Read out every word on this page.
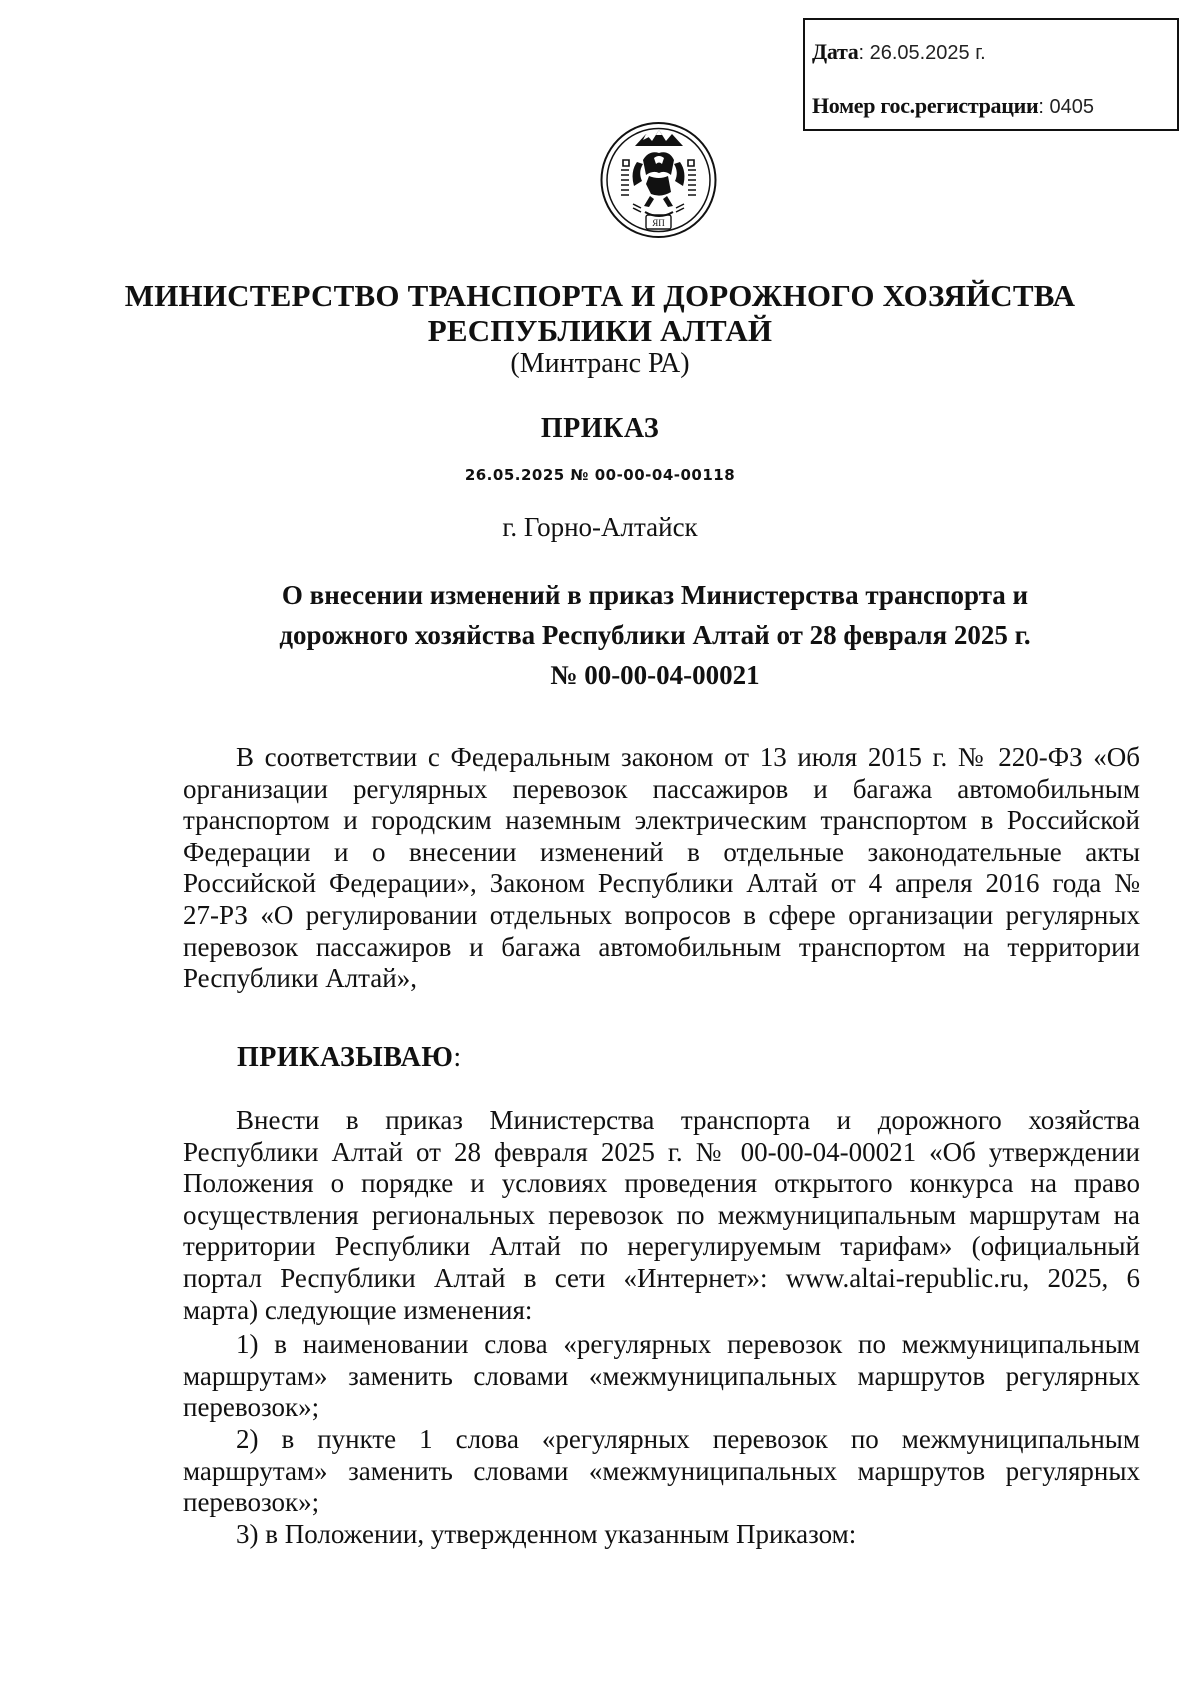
Дата: 26.05.2025 г.
Номер гос.регистрации: 0405
ЯП
МИНИСТЕРСТВО ТРАНСПОРТА И ДОРОЖНОГО ХОЗЯЙСТВА
РЕСПУБЛИКИ АЛТАЙ
(Минтранс РА)
ПРИКАЗ
26.05.2025 № 00-00-04-00118
г. Горно-Алтайск
О внесении изменений в приказ Министерства транспорта и
дорожного хозяйства Республики Алтай от 28 февраля 2025 г.
№ 00-00-04-00021
В соответствии с Федеральным законом от 13 июля 2015 г. № 220-ФЗ «Об
организации регулярных перевозок пассажиров и багажа автомобильным
транспортом и городским наземным электрическим транспортом в Российской
Федерации и о внесении изменений в отдельные законодательные акты
Российской Федерации», Законом Республики Алтай от 4 апреля 2016 года №
27-РЗ «О регулировании отдельных вопросов в сфере организации регулярных
перевозок пассажиров и багажа автомобильным транспортом на территории
Республики Алтай»,
ПРИКАЗЫВАЮ:
Внести в приказ Министерства транспорта и дорожного хозяйства
Республики Алтай от 28 февраля 2025 г. № 00-00-04-00021 «Об утверждении
Положения о порядке и условиях проведения открытого конкурса на право
осуществления региональных перевозок по межмуниципальным маршрутам на
территории Республики Алтай по нерегулируемым тарифам» (официальный
портал Республики Алтай в сети «Интернет»: www.altai-republic.ru, 2025, 6
марта) следующие изменения:
1) в наименовании слова «регулярных перевозок по межмуниципальным
маршрутам» заменить словами «межмуниципальных маршрутов регулярных
перевозок»;
2) в пункте 1 слова «регулярных перевозок по межмуниципальным
маршрутам» заменить словами «межмуниципальных маршрутов регулярных
перевозок»;
3) в Положении, утвержденном указанным Приказом:
